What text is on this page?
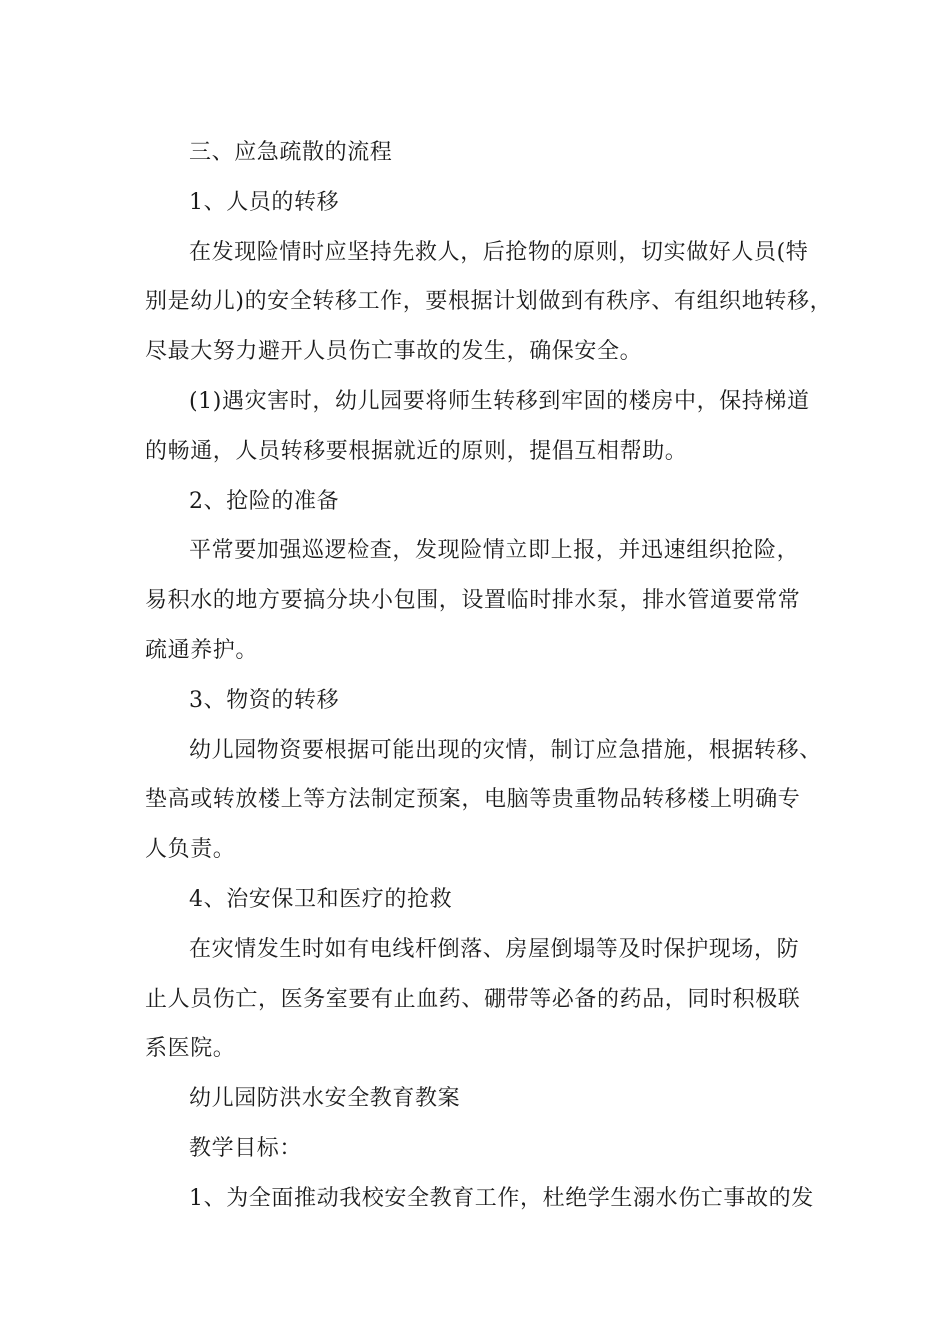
三、应急疏散的流程
1、人员的转移
在发现险情时应坚持先救人，后抢物的原则，切实做好人员(特
别是幼儿)的安全转移工作，要根据计划做到有秩序、有组织地转移，
尽最大努力避开人员伤亡事故的发生，确保安全。
(1)遇灾害时，幼儿园要将师生转移到牢固的楼房中，保持梯道
的畅通，人员转移要根据就近的原则，提倡互相帮助。
2、抢险的准备
平常要加强巡逻检查，发现险情立即上报，并迅速组织抢险，
易积水的地方要搞分块小包围，设置临时排水泵，排水管道要常常
疏通养护。
3、物资的转移
幼儿园物资要根据可能出现的灾情，制订应急措施，根据转移、
垫高或转放楼上等方法制定预案，电脑等贵重物品转移楼上明确专
人负责。
4、治安保卫和医疗的抢救
在灾情发生时如有电线杆倒落、房屋倒塌等及时保护现场，防
止人员伤亡，医务室要有止血药、硼带等必备的药品，同时积极联
系医院。
幼儿园防洪水安全教育教案
教学目标：
1、为全面推动我校安全教育工作，杜绝学生溺水伤亡事故的发
